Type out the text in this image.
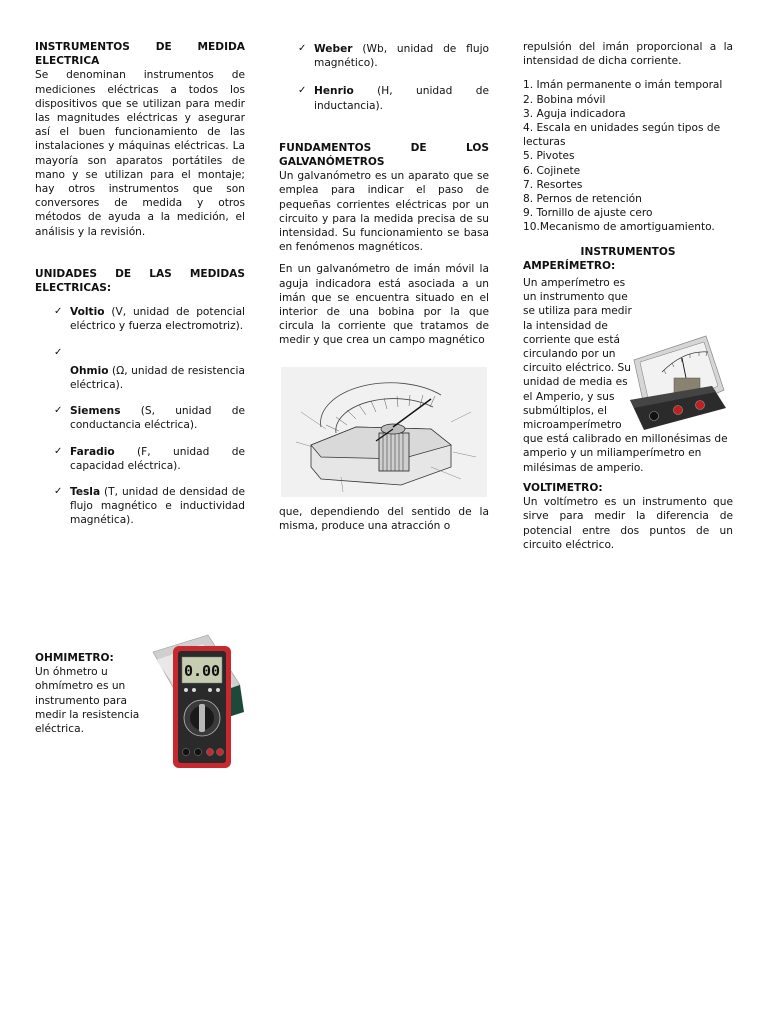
INSTRUMENTOS DE MEDIDA ELECTRICA

Se denominan instrumentos de mediciones eléctricas a todos los dispositivos que se utilizan para medir las magnitudes eléctricas y asegurar así el buen funcionamiento de las instalaciones y máquinas eléctricas. La mayoría son aparatos portátiles de mano y se utilizan para el montaje; hay otros instrumentos que son conversores de medida y otros métodos de ayuda a la medición, el análisis y la revisión.

UNIDADES DE LAS MEDIDAS ELECTRICAS:

✓ Voltio (V, unidad de potencial eléctrico y fuerza electromotriz).

✓

Ohmio (Ω, unidad de resistencia eléctrica).

✓ Siemens (S, unidad de conductancia eléctrica).

✓ Faradio (F, unidad de capacidad eléctrica).

✓ Tesla (T, unidad de densidad de flujo magnético e inductividad magnética).

OHMIMETRO:

Un óhmetro u ohmímetro es un instrumento para medir la resistencia eléctrica.

0.00
✓ Weber (Wb, unidad de flujo magnético).

✓ Henrio (H, unidad de inductancia).

FUNDAMENTOS DE LOS GALVANÓMETROS

Un galvanómetro es un aparato que se emplea para indicar el paso de pequeñas corrientes eléctricas por un circuito y para la medida precisa de su intensidad. Su funcionamiento se basa en fenómenos magnéticos.

En un galvanómetro de imán móvil la aguja indicadora está asociada a un imán que se encuentra situado en el interior de una bobina por la que circula la corriente que tratamos de medir y que crea un campo magnético

que, dependiendo del sentido de la misma, produce una atracción o

repulsión del imán proporcional a la intensidad de dicha corriente.

1. Imán permanente o imán temporal
2. Bobina móvil
3. Aguja indicadora
4. Escala en unidades según tipos de lecturas
5. Pivotes
6. Cojinete
7. Resortes
8. Pernos de retención
9. Tornillo de ajuste cero
10.Mecanismo de amortiguamiento.

INSTRUMENTOS

AMPERÍMETRO:

Un amperímetro es un instrumento que se utiliza para medir la intensidad de corriente que está circulando por un circuito eléctrico. Su unidad de media es el Amperio, y sus submúltiplos, el microamperímetro que está calibrado en millonésimas de amperio y un miliamperímetro en milésimas de amperio.

VOLTIMETRO:

Un voltímetro es un instrumento que sirve para medir la diferencia de potencial entre dos puntos de un circuito eléctrico.
